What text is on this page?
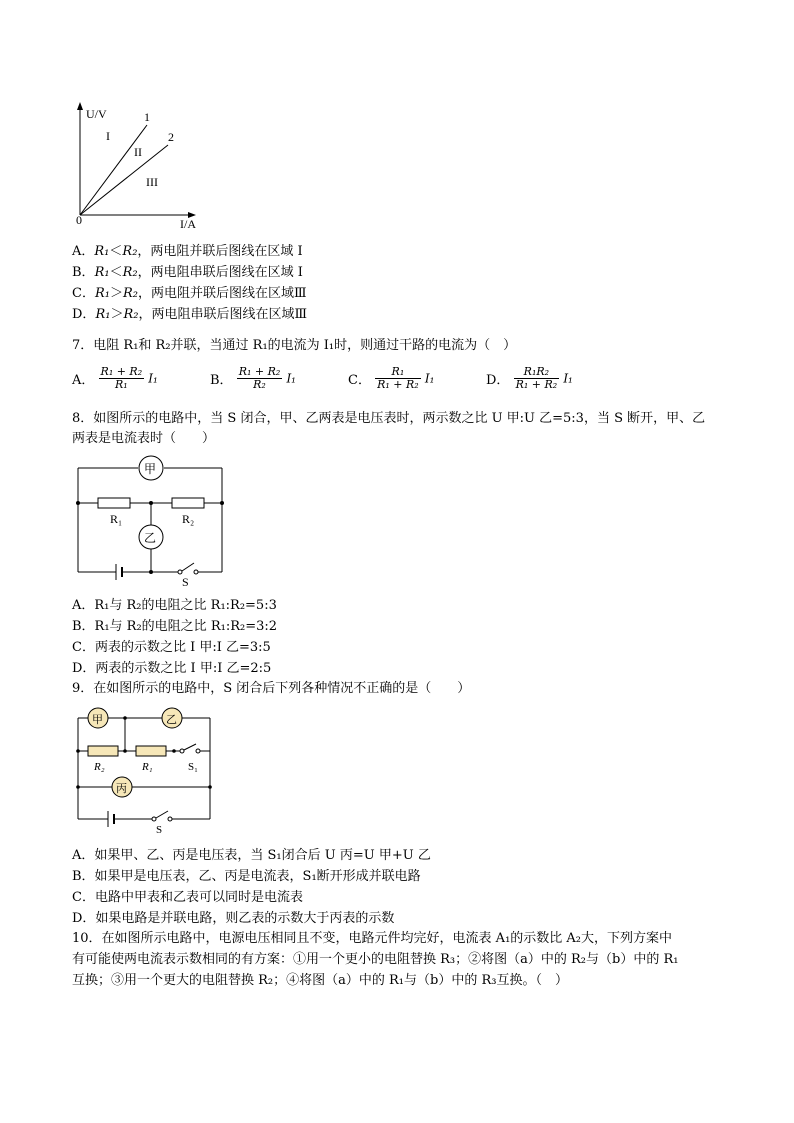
U/V
I/A
0
1
2
I
II
III
A．R₁＜R₂，两电阻并联后图线在区域 I
B．R₁＜R₂，两电阻串联后图线在区域 I
C．R₁＞R₂，两电阻并联后图线在区域Ⅲ
D．R₁＞R₂，两电阻串联后图线在区域Ⅲ
7．电阻 R₁和 R₂并联，当通过 R₁的电流为 I₁时，则通过干路的电流为（　）
A． $\frac{\text{R₁ + R₂}}{\text{R₁}} I_1$	B． $\frac{\text{R₁ + R₂}}{\text{R₂}} I_1$	C． $\frac{\text{R₁}}{\text{R₁ + R₂}} I_1$	D． $\frac{\text{R₁R₂}}{\text{R₁ + R₂}} I_1$
8．如图所示的电路中，当 S 闭合，甲、乙两表是电压表时，两示数之比 U 甲:U 乙=5:3，当 S 断开，甲、乙
两表是电流表时（　　）
甲
R₁	R₂
乙
S
A．R₁与 R₂的电阻之比 R₁:R₂=5:3
B．R₁与 R₂的电阻之比 R₁:R₂=3:2
C．两表的示数之比 I 甲:I 乙=3:5
D．两表的示数之比 I 甲:I 乙=2:5
9．在如图所示的电路中，S 闭合后下列各种情况不正确的是（　　）
甲	乙
R₂	R₁	S₁
丙
S
A．如果甲、乙、丙是电压表，当 S₁闭合后 U 丙=U 甲+U 乙
B．如果甲是电压表，乙、丙是电流表，S₁断开形成并联电路
C．电路中甲表和乙表可以同时是电流表
D．如果电路是并联电路，则乙表的示数大于丙表的示数
10．在如图所示电路中，电源电压相同且不变，电路元件均完好，电流表 A₁的示数比 A₂大，下列方案中
有可能使两电流表示数相同的有方案：①用一个更小的电阻替换 R₃；②将图（a）中的 R₂与（b）中的 R₁
互换；③用一个更大的电阻替换 R₂；④将图（a）中的 R₁与（b）中的 R₃互换。（　）
